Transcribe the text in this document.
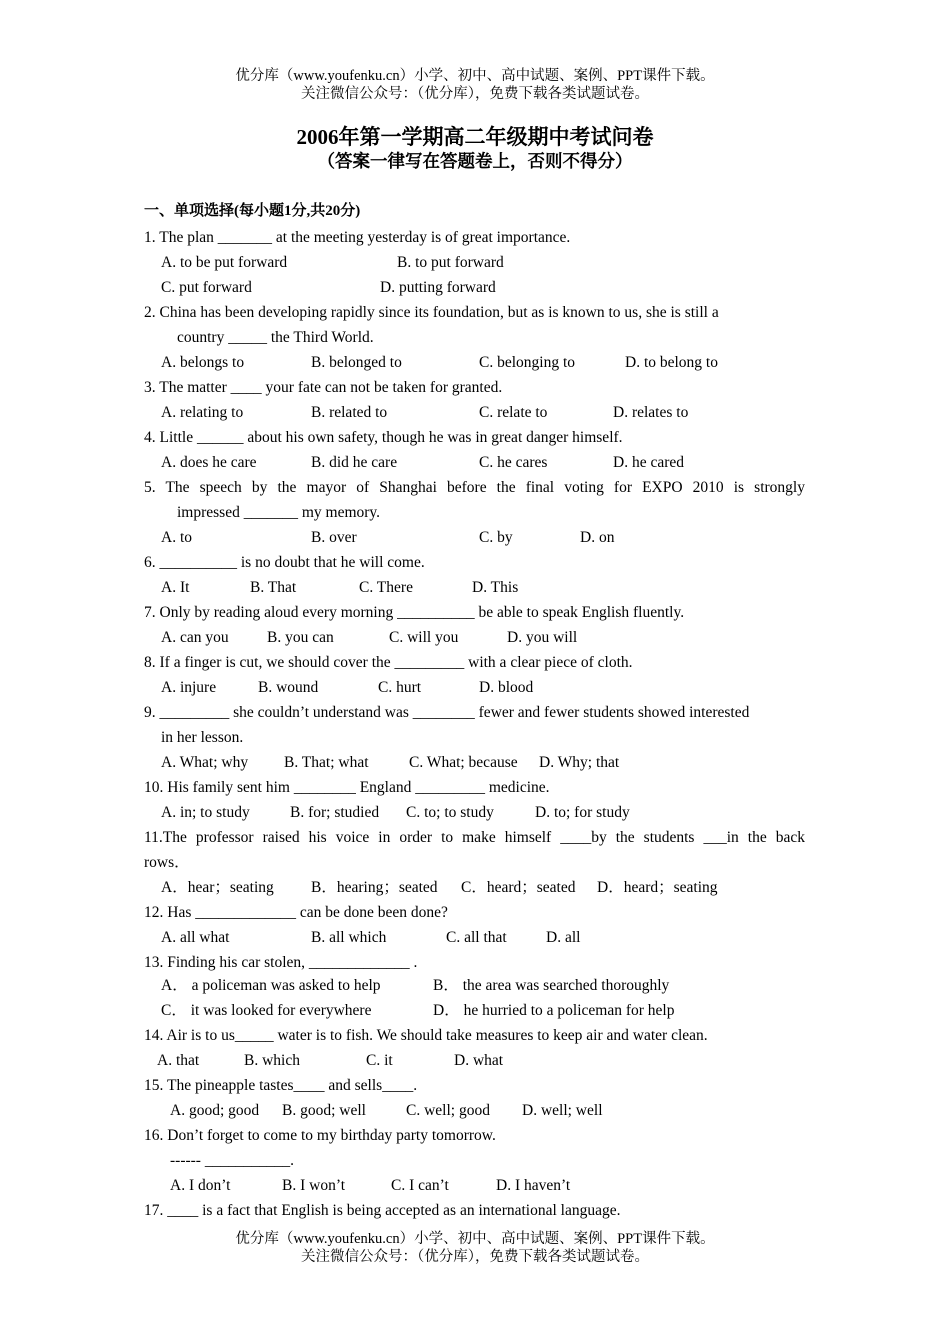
优分库（www.youfenku.cn）小学、初中、高中试题、案例、PPT课件下载。
关注微信公众号：（优分库），免费下载各类试题试卷。
2006年第一学期高二年级期中考试问卷
（答案一律写在答题卷上，否则不得分）
一、单项选择(每小题1分,共20分)
1. The plan _______ at the meeting yesterday is of great importance.
A. to be put forward	B. to put forward
C. put forward	D. putting forward
2. China has been developing rapidly since its foundation, but as is known to us, she is still a
country _____ the Third World.
A. belongs to	B. belonged to	C. belonging to	D. to belong to
3. The matter ____ your fate can not be taken for granted.
A. relating to	B. related to	C. relate to	D. relates to
4. Little ______ about his own safety, though he was in great danger himself.
A. does he care	B. did he care	C. he cares	D. he cared
5. The speech by the mayor of Shanghai before the final voting for EXPO 2010 is strongly
impressed _______ my memory.
A. to	B. over	C. by	D. on
6. __________ is no doubt that he will come.
A. It	B. That	C. There	D. This
7. Only by reading aloud every morning __________ be able to speak English fluently.
A. can you B. you can	C. will you	D. you will
8. If a finger is cut, we should cover the _________ with a clear piece of cloth.
A. injure	B. wound	C. hurt	D. blood
9. _________ she couldn’t understand was ________ fewer and fewer students showed interested
in her lesson.
A. What; why B. That; what	C. What; because D. Why; that
10. His family sent him ________ England _________ medicine.
A. in; to study	B. for; studied C. to; to study	D. to; for study
11.The professor raised his voice in order to make himself ____by the students ___in the back
rows．
A．hear；seating B．hearing；seated C．heard；seated D．heard；seating
12. Has _____________ can be done been done?
A. all what	B. all which	C. all that	D. all
13. Finding his car stolen, _____________ .
A． a policeman was asked to help	B． the area was searched thoroughly
C． it was looked for everywhere	D． he hurried to a policeman for help
14. Air is to us_____ water is to fish. We should take measures to keep air and water clean.
A. that	B. which	C. it	D. what
15. The pineapple tastes____ and sells____.
A. good; good B. good; well	C. well; good D. well; well
16. Don’t forget to come to my birthday party tomorrow.
------ ___________.
A. I don’t	B. I won’t	C. I can’t	D. I haven’t
17. ____ is a fact that English is being accepted as an international language.
优分库（www.youfenku.cn）小学、初中、高中试题、案例、PPT课件下载。
关注微信公众号：（优分库），免费下载各类试题试卷。
